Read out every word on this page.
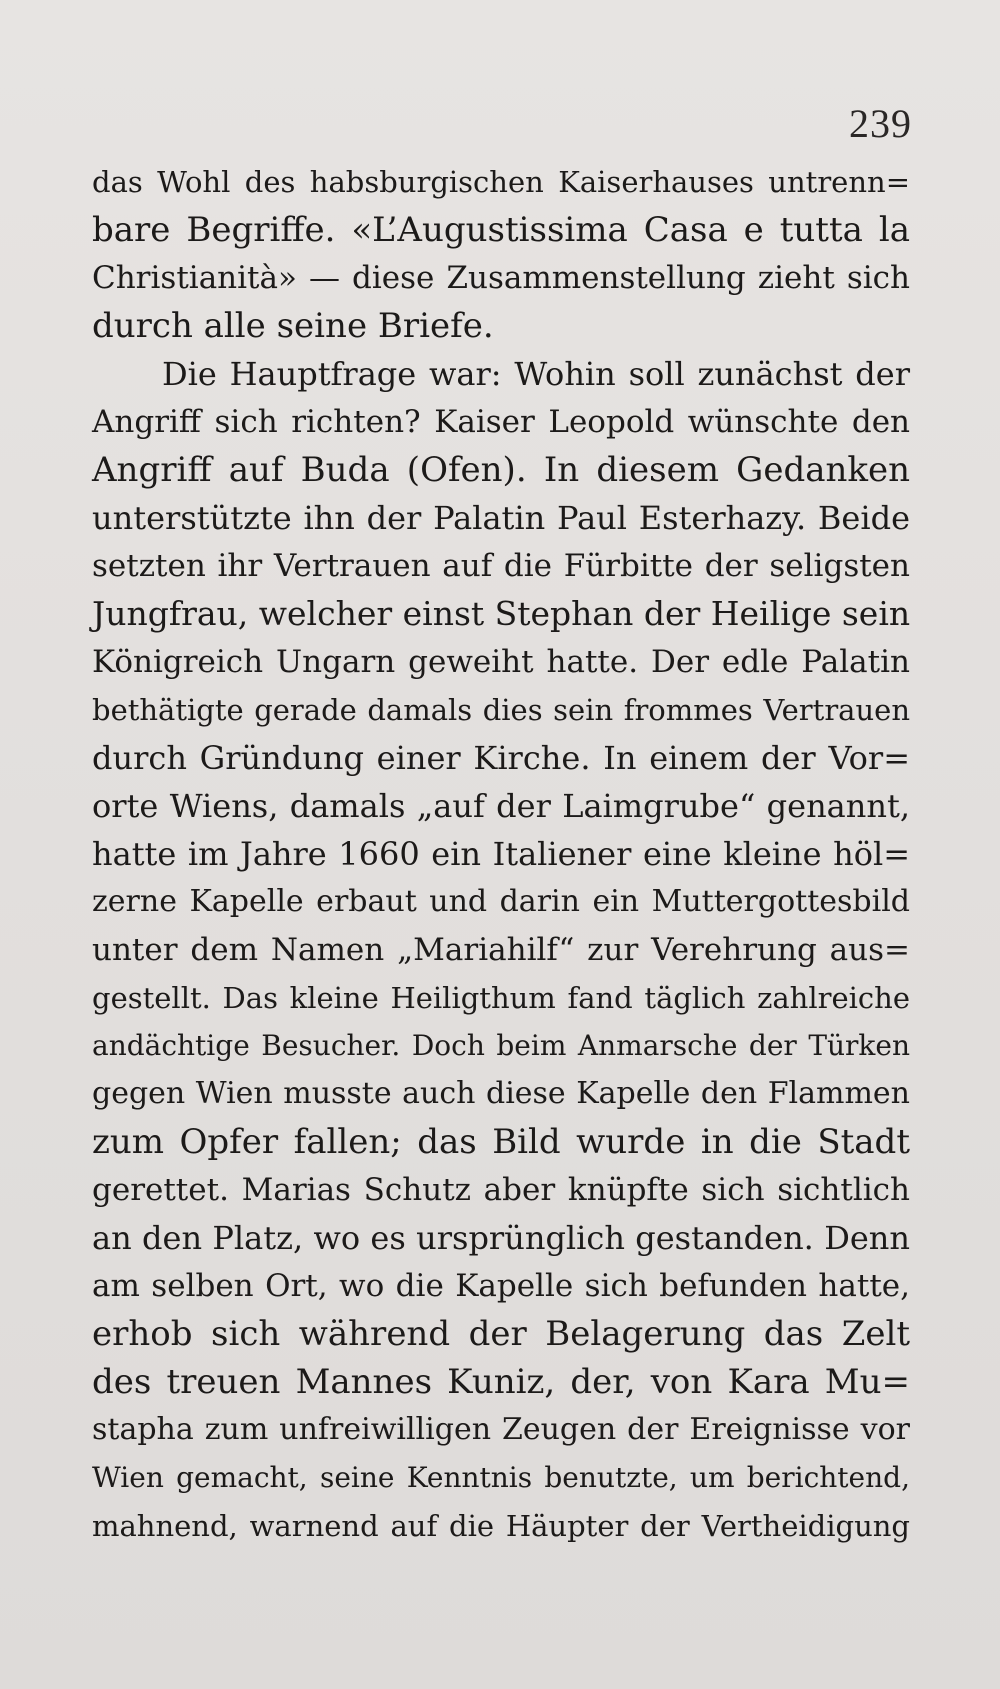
239
das Wohl des habsburgischen Kaiserhauses untrenn=
bare Begriffe. «L’Augustissima Casa e tutta la
Christianità» — diese Zusammenstellung zieht sich
durch alle seine Briefe.
Die Hauptfrage war: Wohin soll zunächst der
Angriff sich richten? Kaiser Leopold wünschte den
Angriff auf Buda (Ofen). In diesem Gedanken
unterstützte ihn der Palatin Paul Esterhazy. Beide
setzten ihr Vertrauen auf die Fürbitte der seligsten
Jungfrau, welcher einst Stephan der Heilige sein
Königreich Ungarn geweiht hatte. Der edle Palatin
bethätigte gerade damals dies sein frommes Vertrauen
durch Gründung einer Kirche. In einem der Vor=
orte Wiens, damals „auf der Laimgrube“ genannt,
hatte im Jahre 1660 ein Italiener eine kleine höl=
zerne Kapelle erbaut und darin ein Muttergottesbild
unter dem Namen „Mariahilf“ zur Verehrung aus=
gestellt. Das kleine Heiligthum fand täglich zahlreiche
andächtige Besucher. Doch beim Anmarsche der Türken
gegen Wien musste auch diese Kapelle den Flammen
zum Opfer fallen; das Bild wurde in die Stadt
gerettet. Marias Schutz aber knüpfte sich sichtlich
an den Platz, wo es ursprünglich gestanden. Denn
am selben Ort, wo die Kapelle sich befunden hatte,
erhob sich während der Belagerung das Zelt
des treuen Mannes Kuniz, der, von Kara Mu=
stapha zum unfreiwilligen Zeugen der Ereignisse vor
Wien gemacht, seine Kenntnis benutzte, um berichtend,
mahnend, warnend auf die Häupter der Vertheidigung
